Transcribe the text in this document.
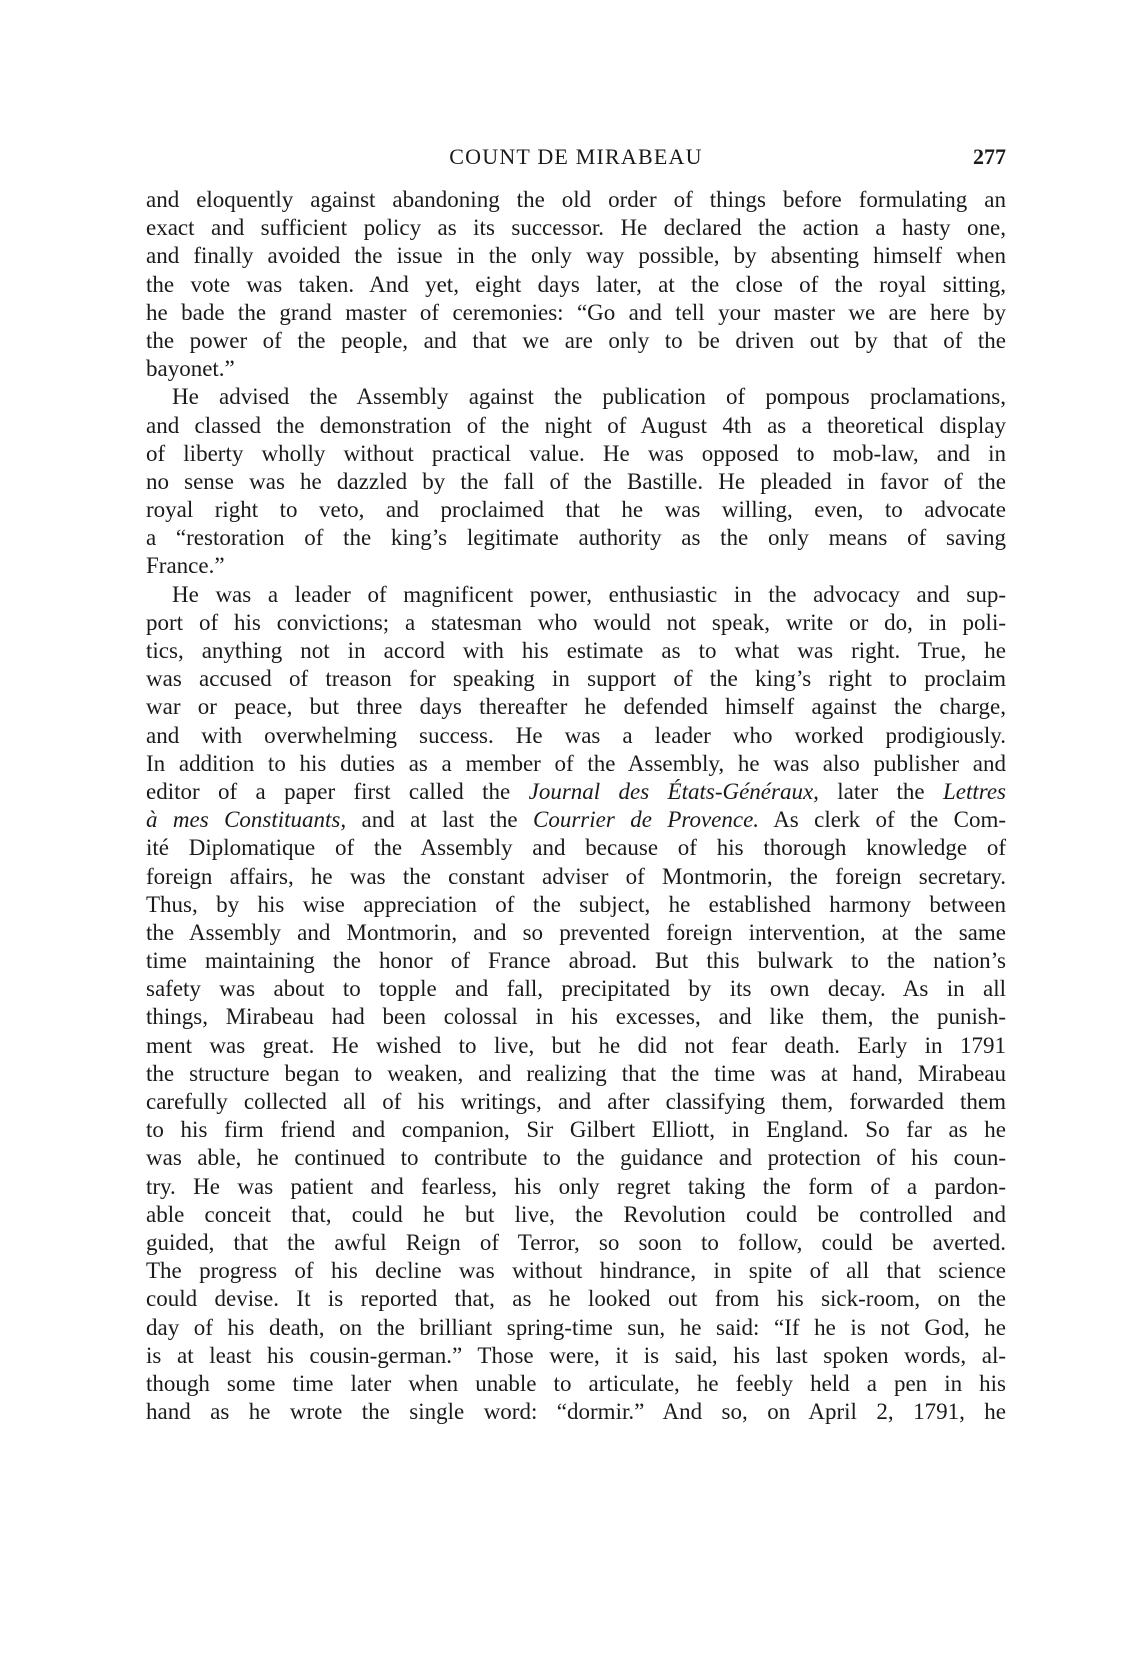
COUNT DE MIRABEAU	277
and eloquently against abandoning the old order of things before formulating an
exact and sufficient policy as its successor. He declared the action a hasty one,
and finally avoided the issue in the only way possible, by absenting himself when
the vote was taken. And yet, eight days later, at the close of the royal sitting,
he bade the grand master of ceremonies: “Go and tell your master we are here by
the power of the people, and that we are only to be driven out by that of the
bayonet.”
He advised the Assembly against the publication of pompous proclamations,
and classed the demonstration of the night of August 4th as a theoretical display
of liberty wholly without practical value. He was opposed to mob-law, and in
no sense was he dazzled by the fall of the Bastille. He pleaded in favor of the
royal right to veto, and proclaimed that he was willing, even, to advocate
a “restoration of the king’s legitimate authority as the only means of saving
France.”
He was a leader of magnificent power, enthusiastic in the advocacy and sup-
port of his convictions; a statesman who would not speak, write or do, in poli-
tics, anything not in accord with his estimate as to what was right. True, he
was accused of treason for speaking in support of the king’s right to proclaim
war or peace, but three days thereafter he defended himself against the charge,
and with overwhelming success. He was a leader who worked prodigiously.
In addition to his duties as a member of the Assembly, he was also publisher and
editor of a paper first called the Journal des États-Généraux, later the Lettres
à mes Constituants, and at last the Courrier de Provence. As clerk of the Com-
ité Diplomatique of the Assembly and because of his thorough knowledge of
foreign affairs, he was the constant adviser of Montmorin, the foreign secretary.
Thus, by his wise appreciation of the subject, he established harmony between
the Assembly and Montmorin, and so prevented foreign intervention, at the same
time maintaining the honor of France abroad. But this bulwark to the nation’s
safety was about to topple and fall, precipitated by its own decay. As in all
things, Mirabeau had been colossal in his excesses, and like them, the punish-
ment was great. He wished to live, but he did not fear death. Early in 1791
the structure began to weaken, and realizing that the time was at hand, Mirabeau
carefully collected all of his writings, and after classifying them, forwarded them
to his firm friend and companion, Sir Gilbert Elliott, in England. So far as he
was able, he continued to contribute to the guidance and protection of his coun-
try. He was patient and fearless, his only regret taking the form of a pardon-
able conceit that, could he but live, the Revolution could be controlled and
guided, that the awful Reign of Terror, so soon to follow, could be averted.
The progress of his decline was without hindrance, in spite of all that science
could devise. It is reported that, as he looked out from his sick-room, on the
day of his death, on the brilliant spring-time sun, he said: “If he is not God, he
is at least his cousin-german.” Those were, it is said, his last spoken words, al-
though some time later when unable to articulate, he feebly held a pen in his
hand as he wrote the single word: “dormir.” And so, on April 2, 1791, he
